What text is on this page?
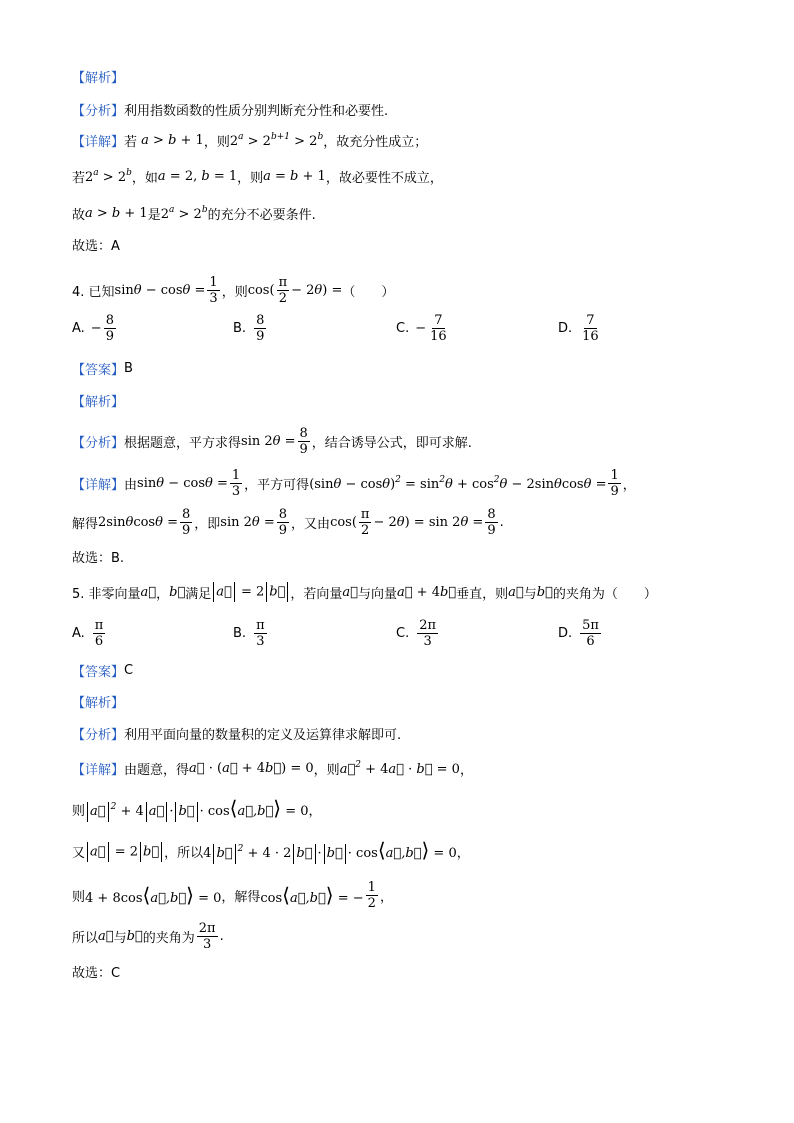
【解析】
【分析】 利用指数函数的性质分别判断充分性和必要性.
【详解】 若 a > b + 1 ，则 $2^a > 2^{b+1} > 2^b$ ，故充分性成立；
若 $2^a > 2^b$ ，如 a = 2, b = 1 ，则 a = b + 1 ，故必要性不成立，
故 a > b + 1 是 $2^a > 2^b$ 的充分不必要条件.
故选：A
4. 已知 $\sin\theta - \cos\theta = \frac{1}{3}$ ，则 $\cos( \frac{\pi}{2} - 2\theta)$ = （　　）
A. − $\frac{8}{9}$	B. $\frac{8}{9}$	C. − $\frac{7}{16}$	D. $\frac{7}{16}$
【答案】 B
【解析】
【分析】 根据题意，平方求得 $\sin 2\theta = \frac{8}{9}$ ，结合诱导公式，即可求解.
【详解】 由 $\sin\theta - \cos\theta = \frac{1}{3}$ ，平方可得 $(\sin\theta - \cos\theta)^2 = \sin^2\theta + \cos^2\theta - 2\sin\theta\cos\theta = \frac{1}{9}$ ，
解得 $2\sin\theta\cos\theta = \frac{8}{9}$ ，即 $\sin 2\theta = \frac{8}{9}$ ，又由 $\cos( \frac{\pi}{2} - 2\theta) = \sin 2\theta = \frac{8}{9}$ .
故选：B.
5. 非零向量 a⃗ ， b⃗ 满足 a⃗ = 2 b⃗ ，若向量 a⃗ 与向量 a⃗ + 4b⃗ 垂直，则 a⃗ 与 b⃗ 的夹角为（　　）
A. $\frac{\pi}{6}$	B. $\frac{\pi}{3}$	C. $\frac{2\pi}{3}$	D. $\frac{5\pi}{6}$
【答案】 C
【解析】
【分析】 利用平面向量的数量积的定义及运算律求解即可.
【详解】 由题意，得 a⃗ · (a⃗ + 4b⃗) = 0 ，则 a⃗$^2$ + 4a⃗ · b⃗ = 0 ，
则 a⃗ $^2$ + 4 a⃗ · b⃗ · cos⟨a⃗,b⃗⟩ = 0 ，
又 a⃗ = 2 b⃗ ，所以 4 b⃗ $^2$ + 4 · 2 b⃗ · b⃗ · cos⟨a⃗,b⃗⟩ = 0 ，
则 4 + 8cos⟨a⃗,b⃗⟩ = 0 ，解得 cos⟨a⃗,b⃗⟩ = − $\frac{1}{2}$ ，
所以 a⃗ 与 b⃗ 的夹角为 $\frac{2\pi}{3}$ .
故选：C
